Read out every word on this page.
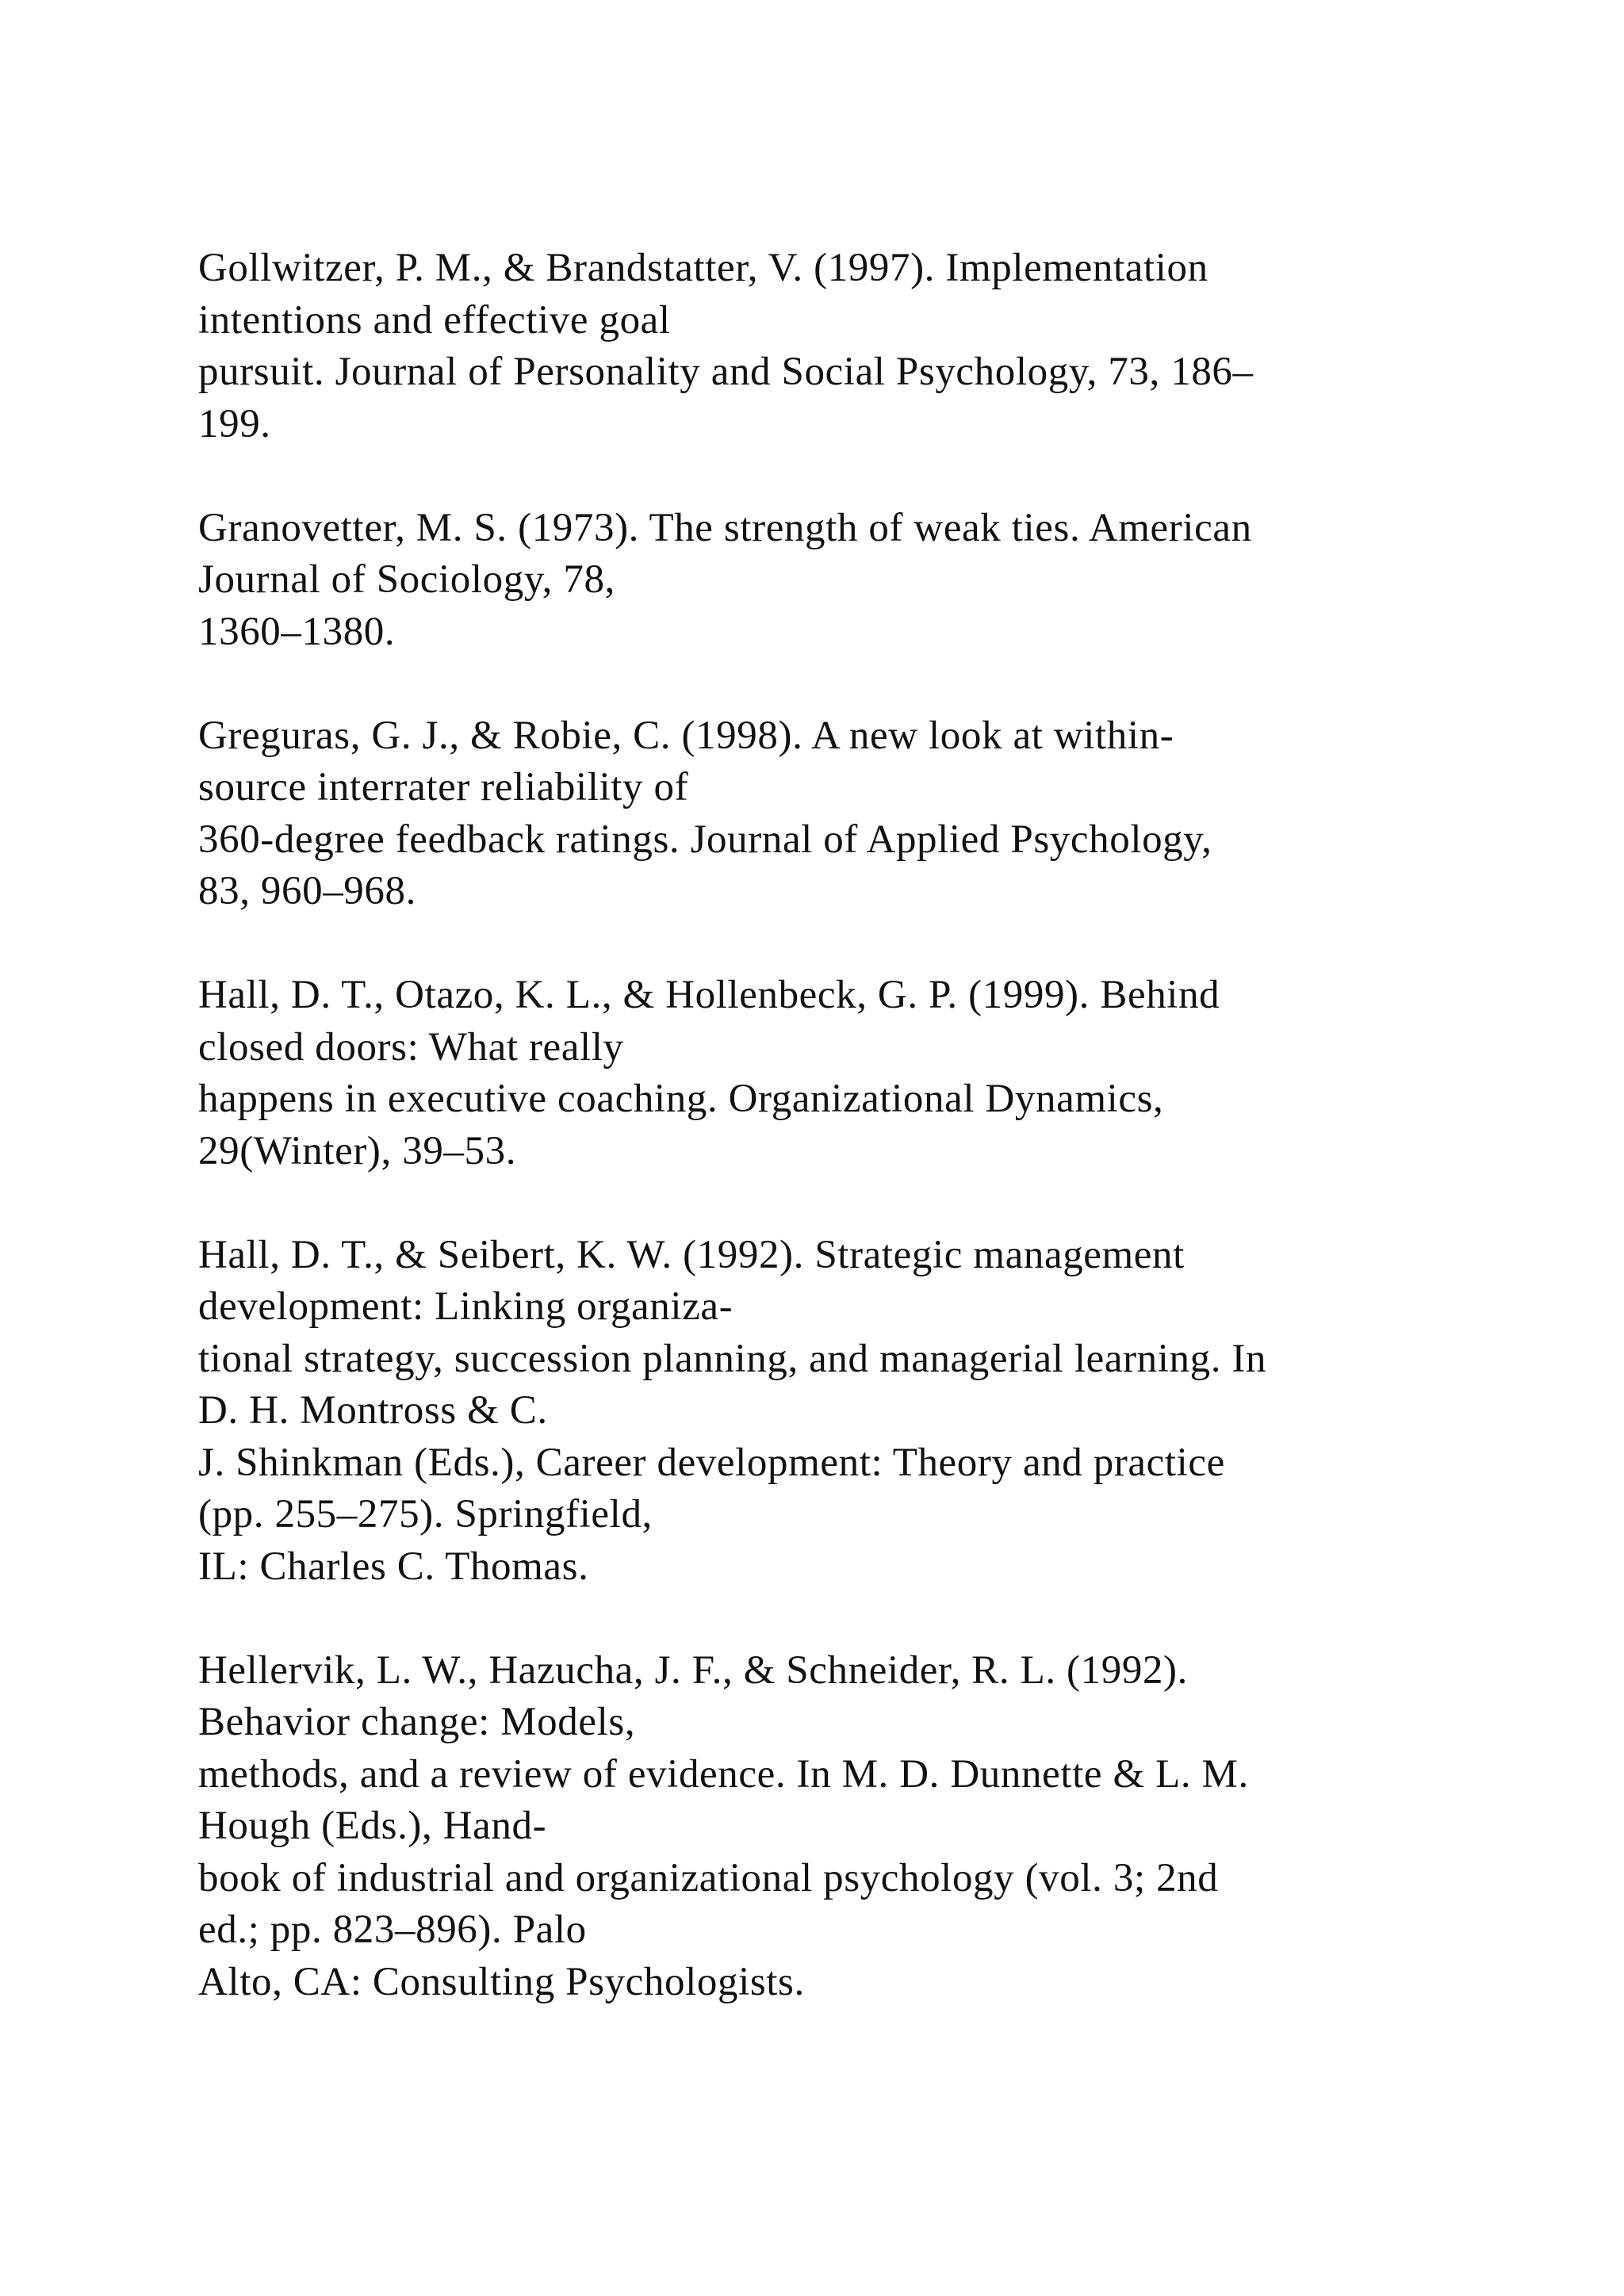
Gollwitzer, P. M., & Brandstatter, V. (1997). Implementation
intentions and effective goal
pursuit. Journal of Personality and Social Psychology, 73, 186–
199.
Granovetter, M. S. (1973). The strength of weak ties. American
Journal of Sociology, 78,
1360–1380.
Greguras, G. J., & Robie, C. (1998). A new look at within-
source interrater reliability of
360-degree feedback ratings. Journal of Applied Psychology,
83, 960–968.
Hall, D. T., Otazo, K. L., & Hollenbeck, G. P. (1999). Behind
closed doors: What really
happens in executive coaching. Organizational Dynamics,
29(Winter), 39–53.
Hall, D. T., & Seibert, K. W. (1992). Strategic management
development: Linking organiza-
tional strategy, succession planning, and managerial learning. In
D. H. Montross & C.
J. Shinkman (Eds.), Career development: Theory and practice
(pp. 255–275). Springfield,
IL: Charles C. Thomas.
Hellervik, L. W., Hazucha, J. F., & Schneider, R. L. (1992).
Behavior change: Models,
methods, and a review of evidence. In M. D. Dunnette & L. M.
Hough (Eds.), Hand-
book of industrial and organizational psychology (vol. 3; 2nd
ed.; pp. 823–896). Palo
Alto, CA: Consulting Psychologists.
